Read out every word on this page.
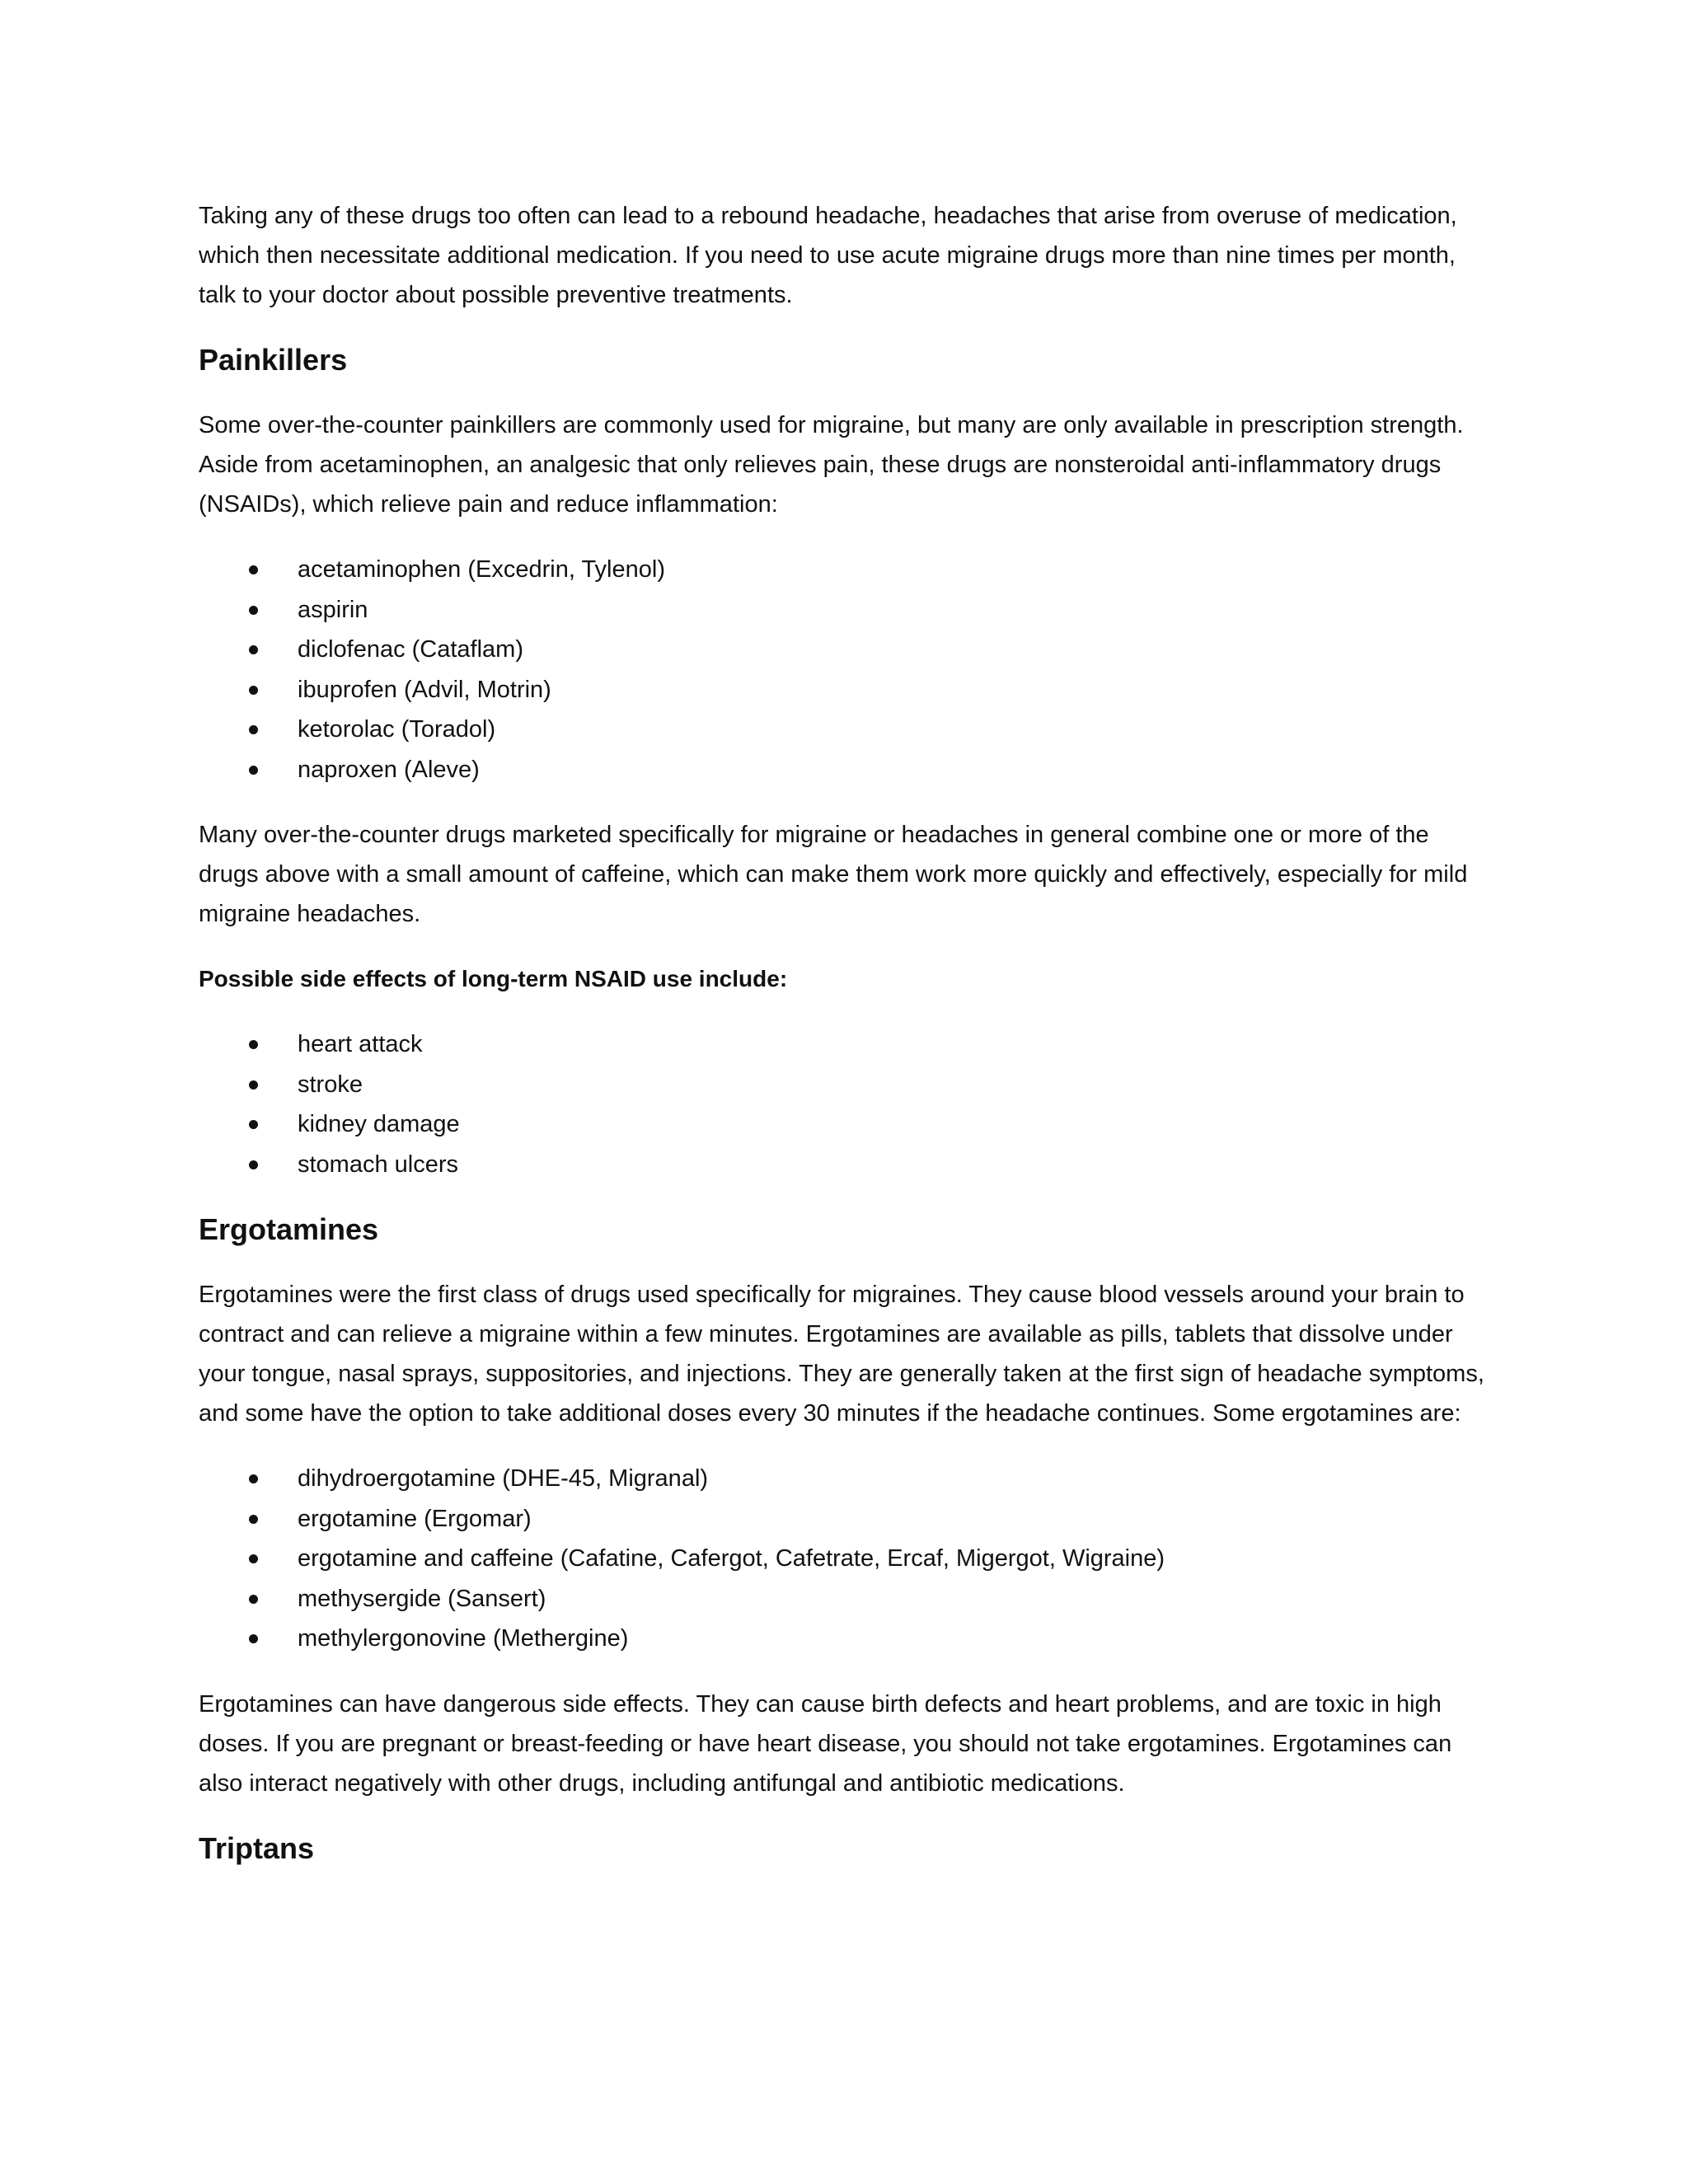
Taking any of these drugs too often can lead to a rebound headache, headaches that arise from overuse of medication, which then necessitate additional medication. If you need to use acute migraine drugs more than nine times per month, talk to your doctor about possible preventive treatments.

Painkillers

Some over-the-counter painkillers are commonly used for migraine, but many are only available in prescription strength. Aside from acetaminophen, an analgesic that only relieves pain, these drugs are nonsteroidal anti-inflammatory drugs (NSAIDs), which relieve pain and reduce inflammation:

acetaminophen (Excedrin, Tylenol)
aspirin
diclofenac (Cataflam)
ibuprofen (Advil, Motrin)
ketorolac (Toradol)
naproxen (Aleve)

Many over-the-counter drugs marketed specifically for migraine or headaches in general combine one or more of the drugs above with a small amount of caffeine, which can make them work more quickly and effectively, especially for mild migraine headaches.

Possible side effects of long-term NSAID use include:

heart attack
stroke
kidney damage
stomach ulcers
Ergotamines

Ergotamines were the first class of drugs used specifically for migraines. They cause blood vessels around your brain to contract and can relieve a migraine within a few minutes. Ergotamines are available as pills, tablets that dissolve under your tongue, nasal sprays, suppositories, and injections. They are generally taken at the first sign of headache symptoms, and some have the option to take additional doses every 30 minutes if the headache continues. Some ergotamines are:

dihydroergotamine (DHE-45, Migranal)
ergotamine (Ergomar)
ergotamine and caffeine (Cafatine, Cafergot, Cafetrate, Ercaf, Migergot, Wigraine)
methysergide (Sansert)
methylergonovine (Methergine)

Ergotamines can have dangerous side effects. They can cause birth defects and heart problems, and are toxic in high doses. If you are pregnant or breast-feeding or have heart disease, you should not take ergotamines. Ergotamines can also interact negatively with other drugs, including antifungal and antibiotic medications.

Triptans
